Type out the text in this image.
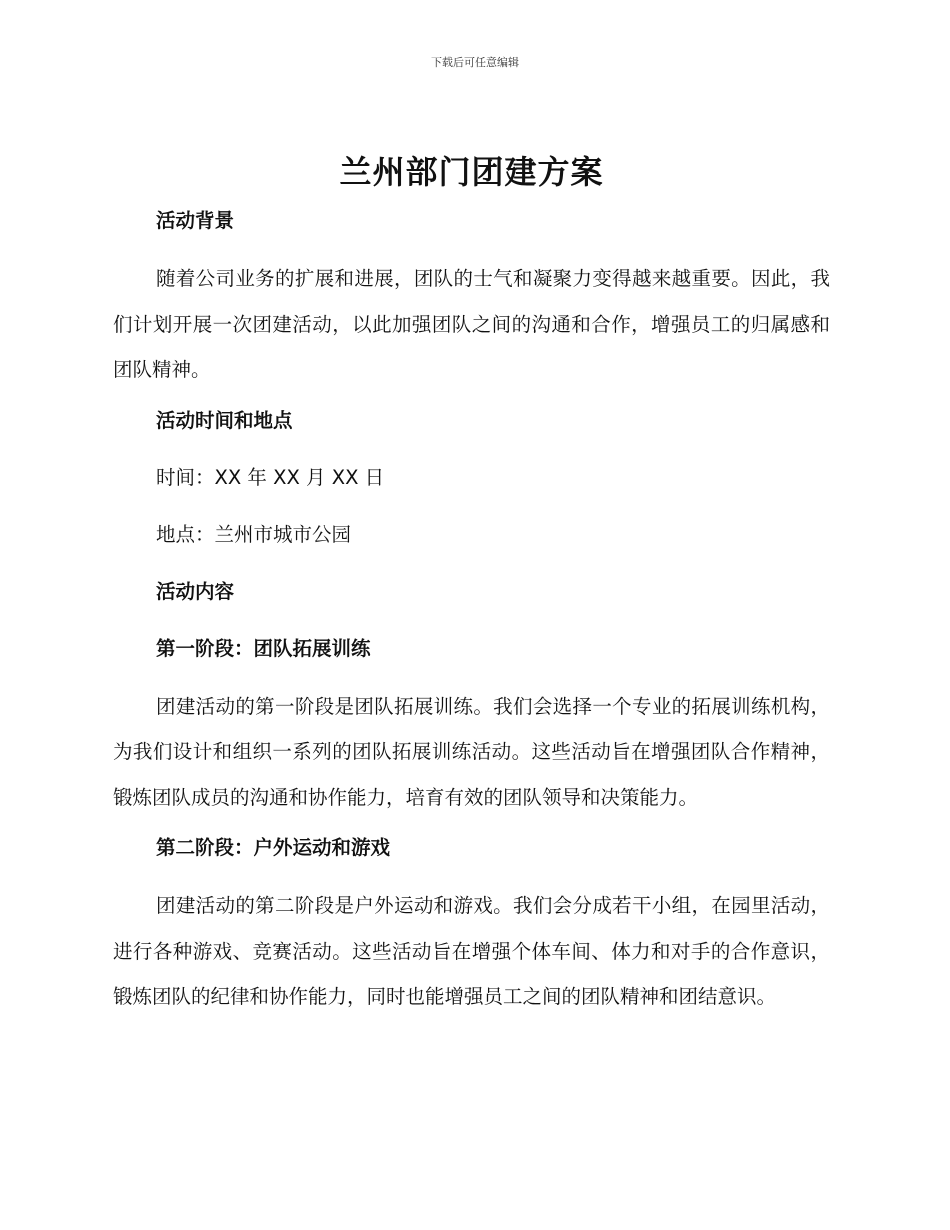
下载后可任意编辑
兰州部门团建方案
活动背景

随着公司业务的扩展和进展，团队的士气和凝聚力变得越来越重要。因此，我们计划开展一次团建活动，以此加强团队之间的沟通和合作，增强员工的归属感和团队精神。

活动时间和地点
时间：XX 年 XX 月 XX 日
地点：兰州市城市公园
活动内容
第一阶段：团队拓展训练

团建活动的第一阶段是团队拓展训练。我们会选择一个专业的拓展训练机构，为我们设计和组织一系列的团队拓展训练活动。这些活动旨在增强团队合作精神，锻炼团队成员的沟通和协作能力，培育有效的团队领导和决策能力。

第二阶段：户外运动和游戏

团建活动的第二阶段是户外运动和游戏。我们会分成若干小组，在园里活动，进行各种游戏、竞赛活动。这些活动旨在增强个体车间、体力和对手的合作意识，锻炼团队的纪律和协作能力，同时也能增强员工之间的团队精神和团结意识。
